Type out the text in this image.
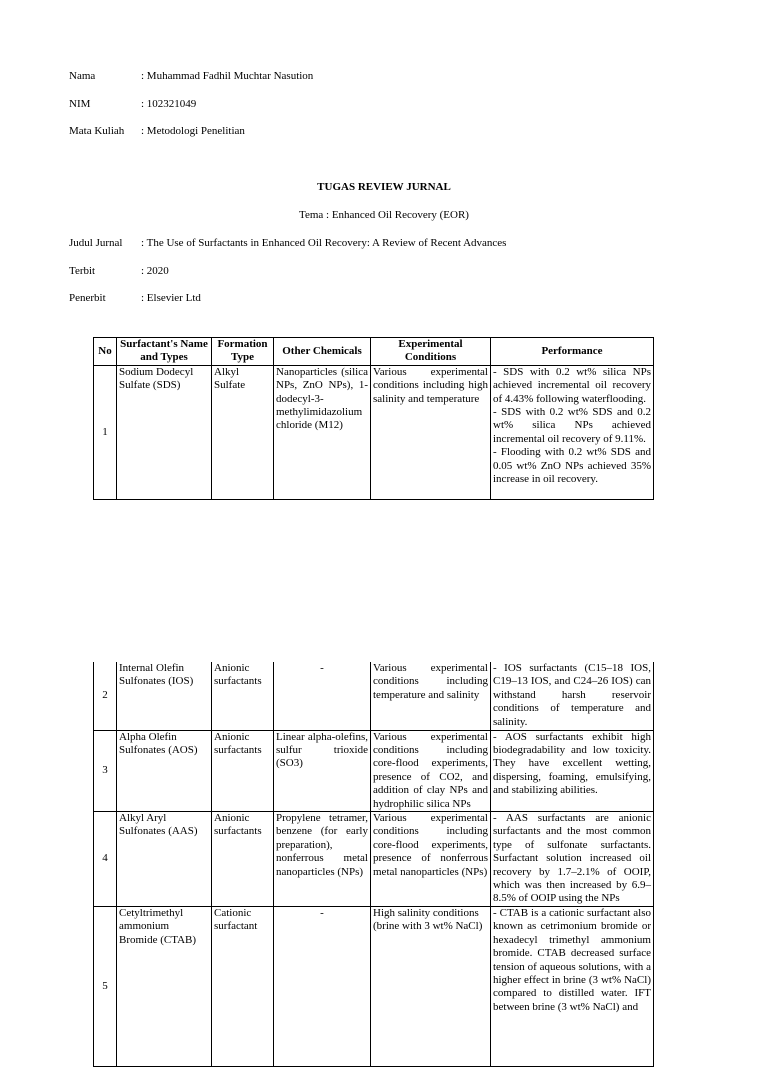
Nama	: Muhammad Fadhil Muchtar Nasution
NIM	: 102321049
Mata Kuliah : Metodologi Penelitian
TUGAS REVIEW JURNAL
Tema : Enhanced Oil Recovery (EOR)
Judul Jurnal : The Use of Surfactants in Enhanced Oil Recovery: A Review of Recent Advances
Terbit	: 2020
Penerbit	: Elsevier Ltd
No	Surfactant's Name and Types	Formation Type	Other Chemicals	Experimental Conditions	Performance
1	Sodium Dodecyl Sulfate (SDS)	Alkyl Sulfate	Nanoparticles (silica NPs, ZnO NPs), 1-dodecyl-3-methylimidazolium chloride (M12)	Various experimental conditions including high salinity and temperature	- SDS with 0.2 wt% silica NPs achieved incremental oil recovery of 4.43% following waterflooding.
- SDS with 0.2 wt% SDS and 0.2 wt% silica NPs achieved incremental oil recovery of 9.11%.
- Flooding with 0.2 wt% SDS and 0.05 wt% ZnO NPs achieved 35% increase in oil recovery.
2	Internal Olefin Sulfonates (IOS)	Anionic surfactants	-	Various experimental conditions including temperature and salinity	- IOS surfactants (C15–18 IOS, C19–13 IOS, and C24–26 IOS) can withstand harsh reservoir conditions of temperature and salinity.
3	Alpha Olefin Sulfonates (AOS)	Anionic surfactants	Linear alpha-olefins, sulfur trioxide (SO3)	Various experimental conditions including core-flood experiments, presence of CO2, and addition of clay NPs and hydrophilic silica NPs	- AOS surfactants exhibit high biodegradability and low toxicity. They have excellent wetting, dispersing, foaming, emulsifying, and stabilizing abilities.
4	Alkyl Aryl Sulfonates (AAS)	Anionic surfactants	Propylene tetramer, benzene (for early preparation), nonferrous metal nanoparticles (NPs)	Various experimental conditions including core-flood experiments, presence of nonferrous metal nanoparticles (NPs)	- AAS surfactants are anionic surfactants and the most common type of sulfonate surfactants. Surfactant solution increased oil recovery by 1.7–2.1% of OOIP, which was then increased by 6.9–8.5% of OOIP using the NPs
5	Cetyltrimethyl ammonium Bromide (CTAB)	Cationic surfactant	-	High salinity conditions (brine with 3 wt% NaCl)	- CTAB is a cationic surfactant also known as cetrimonium bromide or hexadecyl trimethyl ammonium bromide. CTAB decreased surface tension of aqueous solutions, with a higher effect in brine (3 wt% NaCl) compared to distilled water. IFT between brine (3 wt% NaCl) and
